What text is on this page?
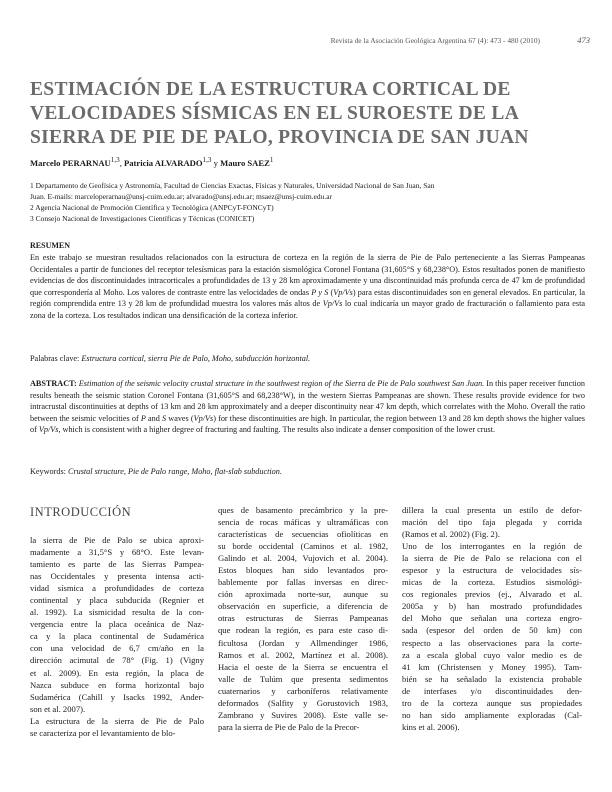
Revista de la Asociación Geológica Argentina 67 (4): 473 - 480 (2010)	473
ESTIMACIÓN DE LA ESTRUCTURA CORTICAL DE
VELOCIDADES SÍSMICAS EN EL SUROESTE DE LA
SIERRA DE PIE DE PALO, PROVINCIA DE SAN JUAN
Marcelo PERARNAU$^{1,3}$, Patricia ALVARADO$^{1,3}$ y Mauro SAEZ$^1$
1 Departamento de Geofísica y Astronomía, Facultad de Ciencias Exactas, Físicas y Naturales, Universidad Nacional de San Juan, San
Juan. E-mails: marceloperarnau@unsj-cuim.edu.ar; alvarado@unsj.edu.ar; msaez@unsj-cuim.edu.ar
2 Agencia Nacional de Promoción Científica y Tecnológica (ANPCyT-FONCyT)
3 Consejo Nacional de Investigaciones Científicas y Técnicas (CONICET)
RESUMEN

En este trabajo se muestran resultados relacionados con la estructura de corteza en la región de la sierra de Pie de Palo perteneciente a las Sierras Pampeanas Occidentales a partir de funciones del receptor telesísmicas para la estación sismológica Coronel Fontana (31,605°S y 68,238°O). Estos resultados ponen de manifiesto evidencias de dos discontinuidades intracorticales a profundidades de 13 y 28 km aproximadamente y una discontinuidad más profunda cerca de 47 km de profundidad que correspondería al Moho. Los valores de contraste entre las velocidades de ondas P y S (Vp/Vs) para estas discontinuidades son en general elevados. En particular, la región comprendida entre 13 y 28 km de profundidad muestra los valores más altos de Vp/Vs lo cual indicaría un mayor grado de fracturación o fallamiento para esta zona de la corteza. Los resultados indican una densificación de la corteza inferior.

Palabras clave: Estructura cortical, sierra Pie de Palo, Moho, subducción horizontal.

ABSTRACT: Estimation of the seismic velocity crustal structure in the southwest region of the Sierra de Pie de Palo southwest San Juan. In this paper receiver function results beneath the seismic station Coronel Fontana (31,605°S and 68,238°W), in the western Sierras Pampeanas are shown. These results provide evidence for two intracrustal discontinuities at depths of 13 km and 28 km approximately and a deeper discontinuity near 47 km depth, which correlates with the Moho. Overall the ratio between the seismic velocities of P and S waves (Vp/Vs) for these discontinuities are high. In particular, the region between 13 and 28 km depth shows the higher values of Vp/Vs, which is consistent with a higher degree of fracturing and faulting. The results also indicate a denser composition of the lower crust.

Keywords: Crustal structure, Pie de Palo range, Moho, flat-slab subduction.
INTRODUCCIÓN
la sierra de Pie de Palo se ubica aproxi-
madamente a 31,5°S y 68°O. Este levan-
tamiento es parte de las Sierras Pampea-
nas Occidentales y presenta intensa acti-
vidad sísmica a profundidades de corteza
continental y placa subducida (Regnier et
al. 1992). La sismicidad resulta de la con-
vergencia entre la placa oceánica de Naz-
ca y la placa continental de Sudamérica
con una velocidad de 6,7 cm/año en la
dirección acimutal de 78° (Fig. 1) (Vigny
et al. 2009). En esta región, la placa de
Nazca subduce en forma horizontal bajo
Sudamérica (Cahill y Isacks 1992, Ander-
son et al. 2007).
La estructura de la sierra de Pie de Palo
se caracteriza por el levantamiento de blo-
ques de basamento precámbrico y la pre-
sencia de rocas máficas y ultramáficas con
características de secuencias ofiolíticas en
su borde occidental (Caminos et al. 1982,
Galindo et al. 2004, Vujovich et al. 2004).
Estos bloques han sido levantados pro-
bablemente por fallas inversas en direc-
ción aproximada norte-sur, aunque su
observación en superficie, a diferencia de
otras estructuras de Sierras Pampeanas
que rodean la región, es para este caso di-
ficultosa (Jordan y Allmendinger 1986,
Ramos et al. 2002, Martínez et al. 2008).
Hacia el oeste de la Sierra se encuentra el
valle de Tulúm que presenta sedimentos
cuaternarios y carboníferos relativamente
deformados (Salfity y Gorustovich 1983,
Zambrano y Suvires 2008). Este valle se-
para la sierra de Pie de Palo de la Precor-
dillera la cual presenta un estilo de defor-
mación del tipo faja plegada y corrida
(Ramos et al. 2002) (Fig. 2).
Uno de los interrogantes en la región de
la sierra de Pie de Palo se relaciona con el
espesor y la estructura de velocidades sís-
micas de la corteza. Estudios sismológi-
cos regionales previos (ej., Alvarado et al.
2005a y b) han mostrado profundidades
del Moho que señalan una corteza engro-
sada (espesor del orden de 50 km) con
respecto a las observaciones para la corte-
za a escala global cuyo valor medio es de
41 km (Christensen y Money 1995). Tam-
bién se ha señalado la existencia probable
de interfases y/o discontinuidades den-
tro de la corteza aunque sus propiedades
no han sido ampliamente exploradas (Cal-
kins et al. 2006).
